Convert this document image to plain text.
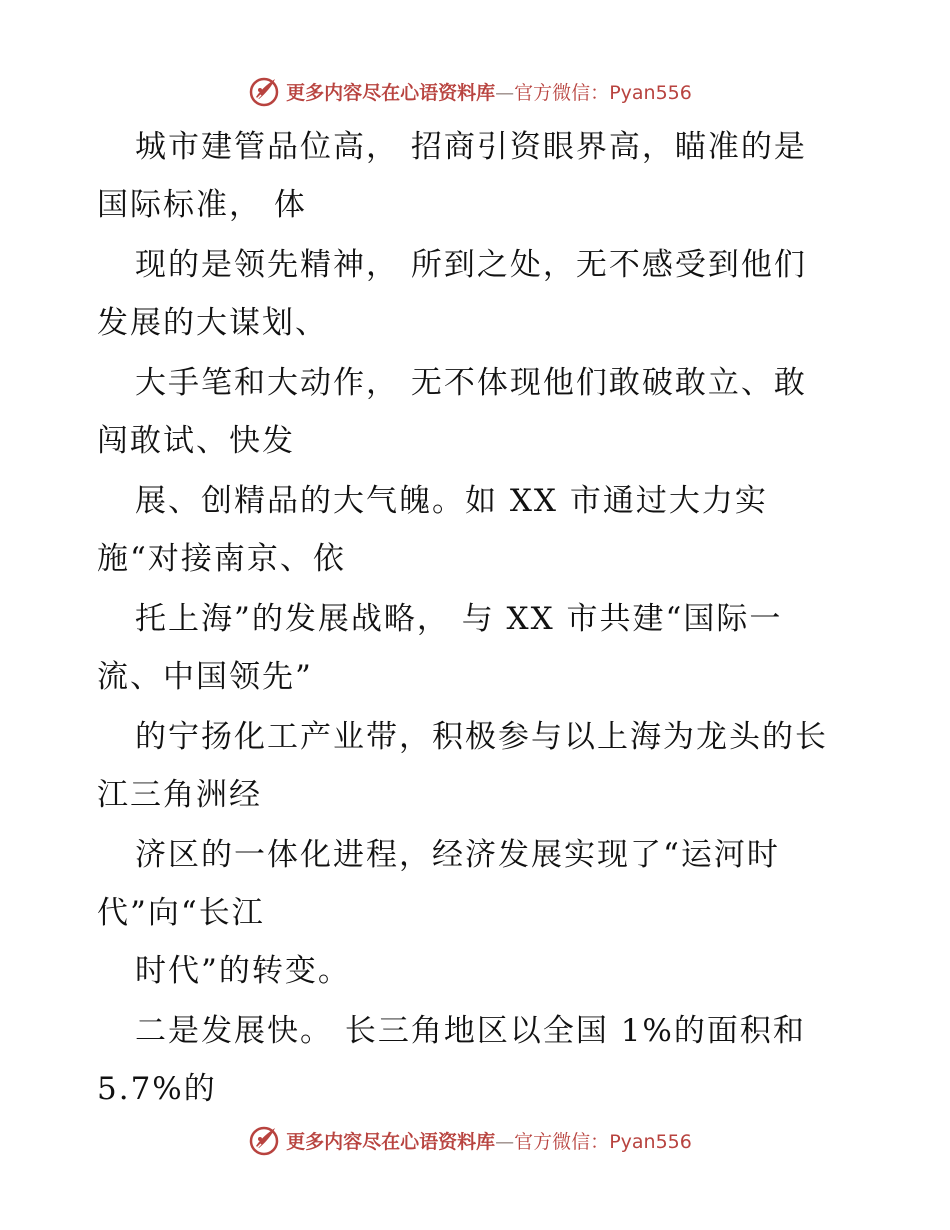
更多内容尽在心语资料库—官方微信：Pyan556
城市建管品位高， 招商引资眼界高，瞄准的是
国际标准， 体
现的是领先精神， 所到之处，无不感受到他们
发展的大谋划、
大手笔和大动作， 无不体现他们敢破敢立、敢
闯敢试、快发
展、创精品的大气魄。如 XX 市通过大力实
施“对接南京、依
托上海”的发展战略， 与 XX 市共建“国际一
流、中国领先”
的宁扬化工产业带，积极参与以上海为龙头的长
江三角洲经
济区的一体化进程，经济发展实现了“运河时
代”向“长江
时代”的转变。
二是发展快。 长三角地区以全国 1%的面积和
5.7%的
更多内容尽在心语资料库—官方微信：Pyan556
